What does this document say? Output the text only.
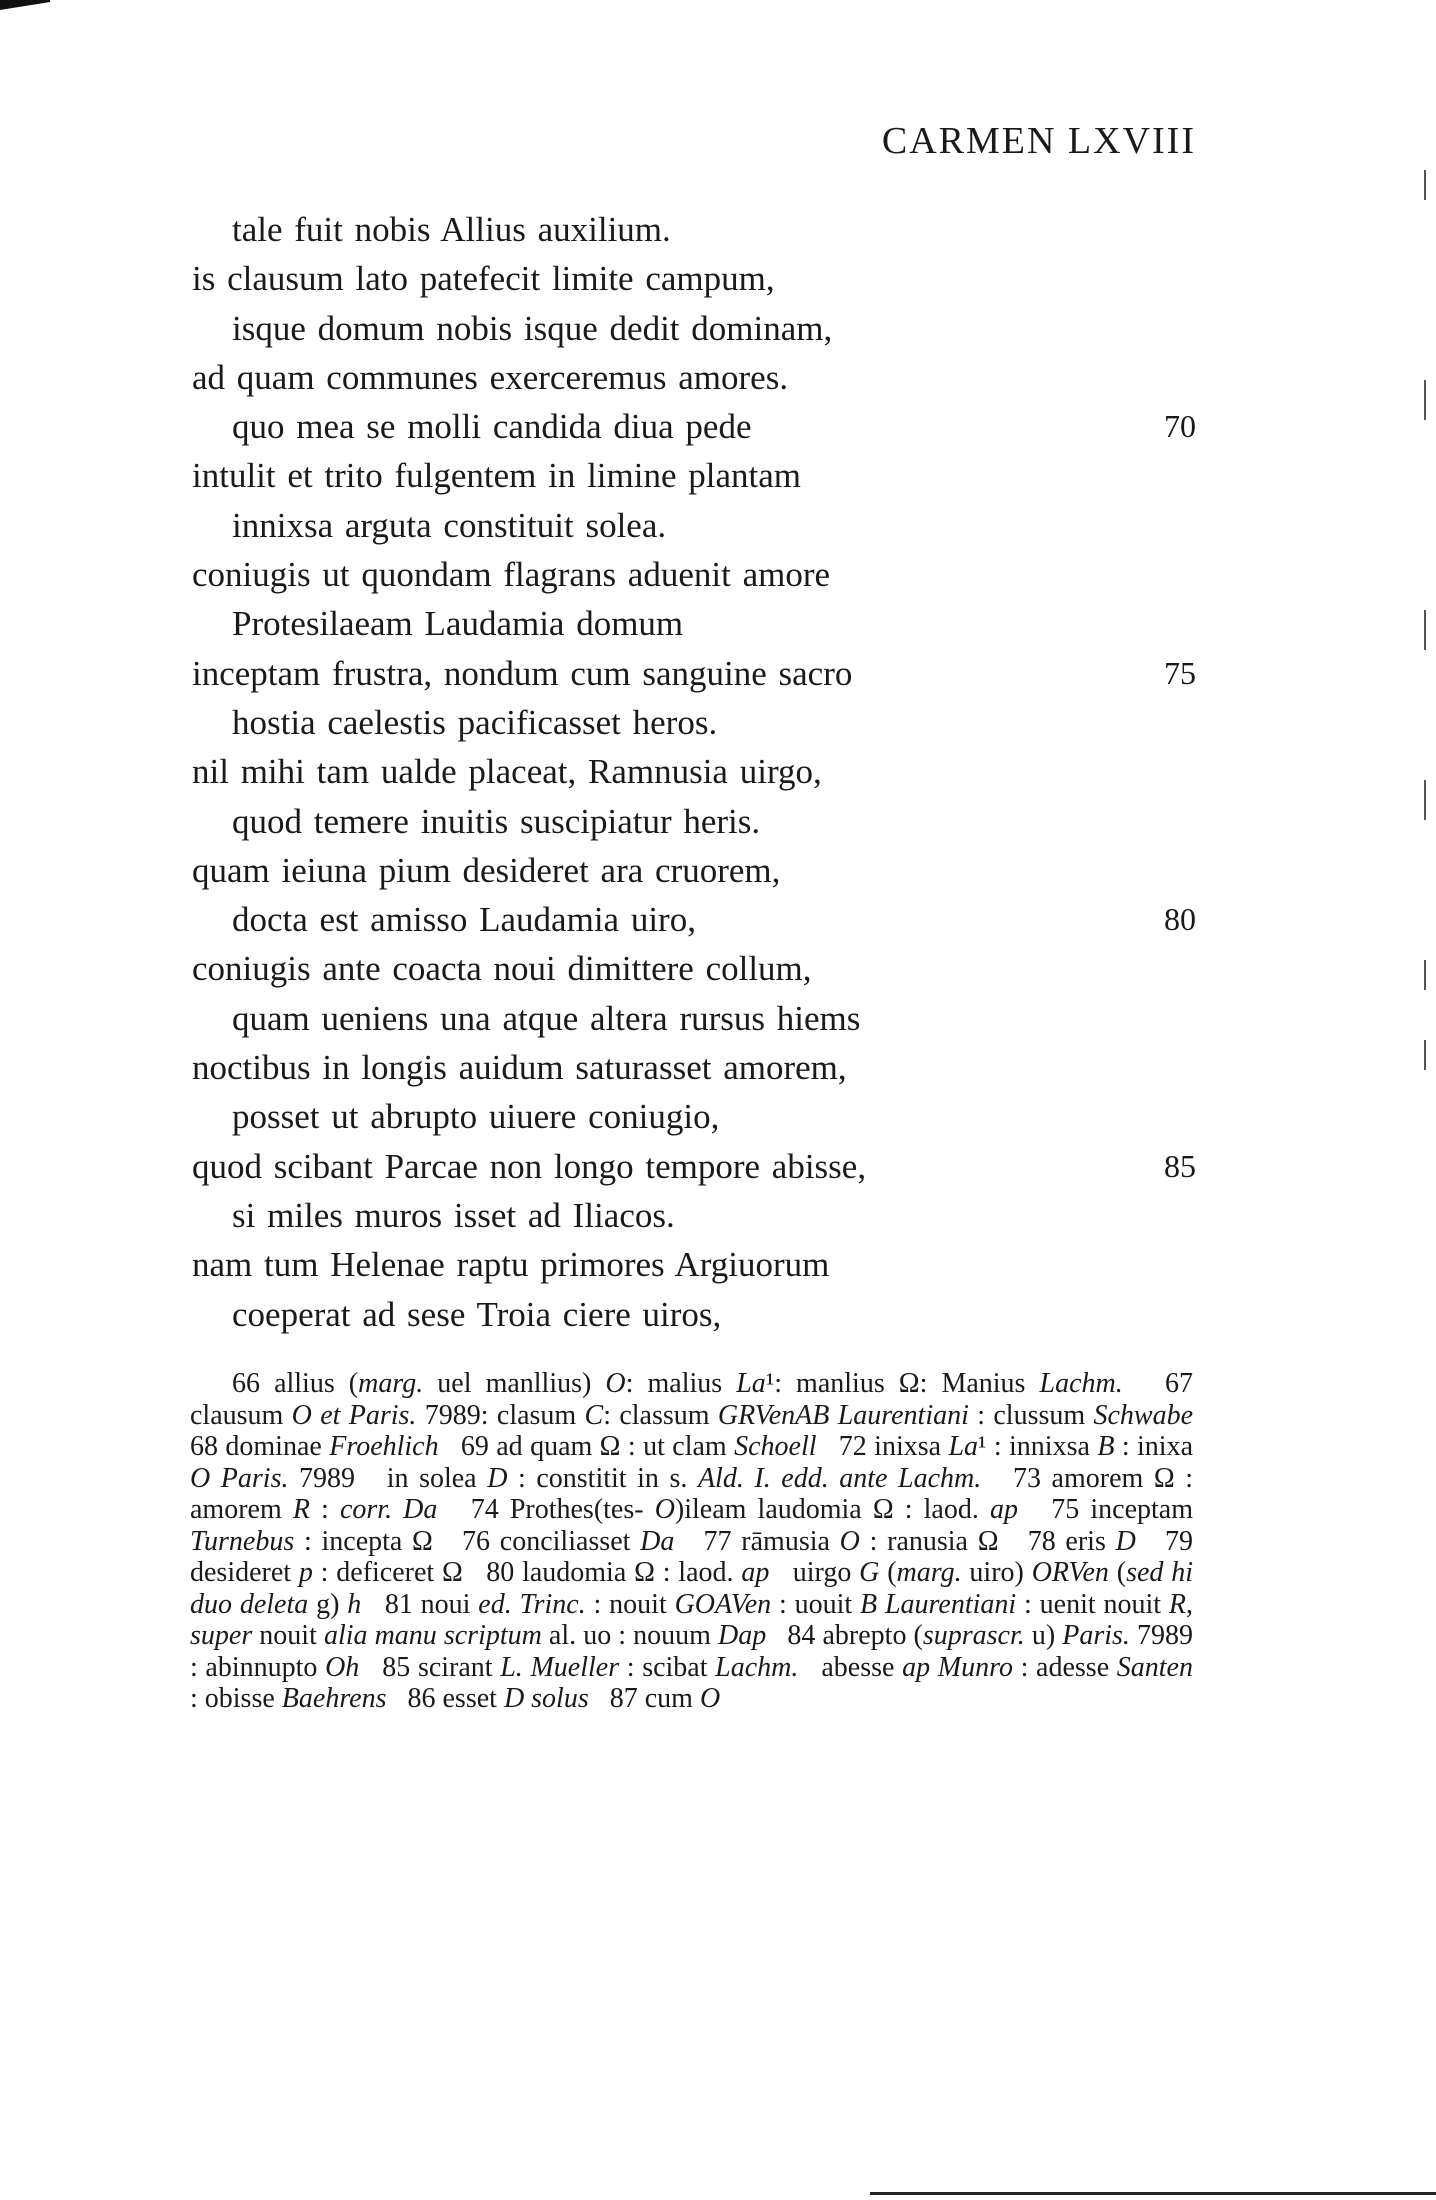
CARMEN LXVIII
tale fuit nobis Allius auxilium.
is clausum lato patefecit limite campum,
isque domum nobis isque dedit dominam,
ad quam communes exerceremus amores.
quo mea se molli candida diua pede	70
intulit et trito fulgentem in limine plantam
innixsa arguta constituit solea.
coniugis ut quondam flagrans aduenit amore
Protesilaeam Laudamia domum
inceptam frustra, nondum cum sanguine sacro	75
hostia caelestis pacificasset heros.
nil mihi tam ualde placeat, Ramnusia uirgo,
quod temere inuitis suscipiatur heris.
quam ieiuna pium desideret ara cruorem,
docta est amisso Laudamia uiro,	80
coniugis ante coacta noui dimittere collum,
quam ueniens una atque altera rursus hiems
noctibus in longis auidum saturasset amorem,
posset ut abrupto uiuere coniugio,
quod scibant Parcae non longo tempore abisse,	85
si miles muros isset ad Iliacos.
nam tum Helenae raptu primores Argiuorum
coeperat ad sese Troia ciere uiros,
66 allius (marg. uel manllius) O: malius La¹: manlius Ω: Manius Lachm.   67 clausum O et Paris. 7989: clasum C: classum GRVenAB Laurentiani : clussum Schwabe   68 dominae Froehlich   69 ad quam Ω : ut clam Schoell   72 inixsa La¹ : innixsa B : inixa O Paris. 7989   in solea D : constitit in s. Ald. I. edd. ante Lachm.   73 amorem Ω : amorem R : corr. Da   74 Prothes(tes- O)ileam laudomia Ω : laod. ap   75 inceptam Turnebus : incepta Ω   76 conciliasset Da   77 rāmusia O : ranusia Ω   78 eris D   79 desideret p : deficeret Ω   80 laudomia Ω : laod. ap   uirgo G (marg. uiro) ORVen (sed hi duo deleta g) h   81 noui ed. Trinc. : nouit GOAVen : uouit B Laurentiani : uenit nouit R, super nouit alia manu scriptum al. uo : nouum Dap   84 abrepto (suprascr. u) Paris. 7989 : abinnupto Oh   85 scirant L. Mueller : scibat Lachm.   abesse ap Munro : adesse Santen : obisse Baehrens   86 esset D solus   87 cum O
